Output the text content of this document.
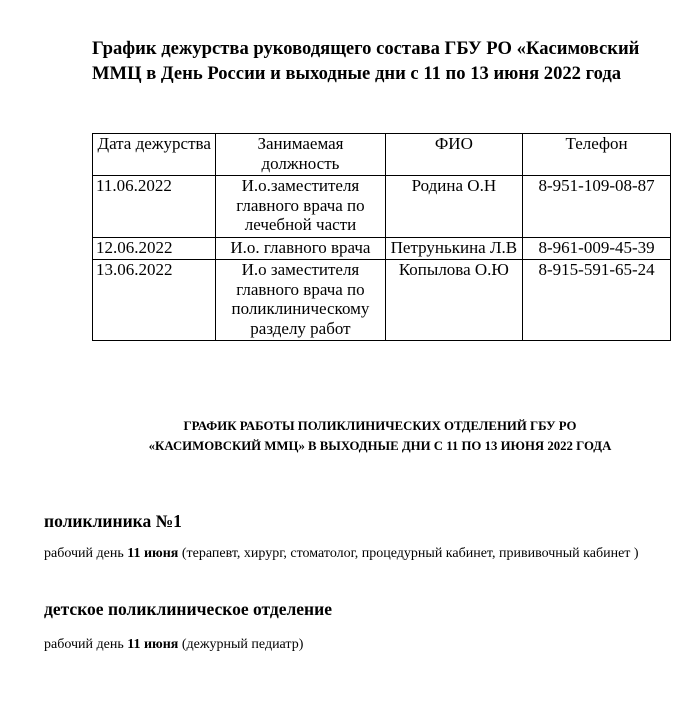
График дежурства руководящего состава ГБУ РО «Касимовский
ММЦ в День России и выходные дни с 11 по 13 июня 2022 года
Дата дежурства	Занимаемая должность	ФИО	Телефон
11.06.2022	И.о.заместителя главного врача по лечебной части	Родина О.Н	8-951-109-08-87
12.06.2022	И.о. главного врача	Петрунькина Л.В	8-961-009-45-39
13.06.2022	И.о заместителя главного врача по поликлиническому разделу работ	Копылова О.Ю	8-915-591-65-24
ГРАФИК РАБОТЫ ПОЛИКЛИНИЧЕСКИХ ОТДЕЛЕНИЙ ГБУ РО
«КАСИМОВСКИЙ ММЦ» В ВЫХОДНЫЕ ДНИ С 11 ПО 13 ИЮНЯ 2022 ГОДА
поликлиника №1

рабочий день 11 июня (терапевт, хирург, стоматолог, процедурный кабинет, прививочный кабинет )

детское поликлиническое отделение

рабочий день 11 июня (дежурный педиатр)
